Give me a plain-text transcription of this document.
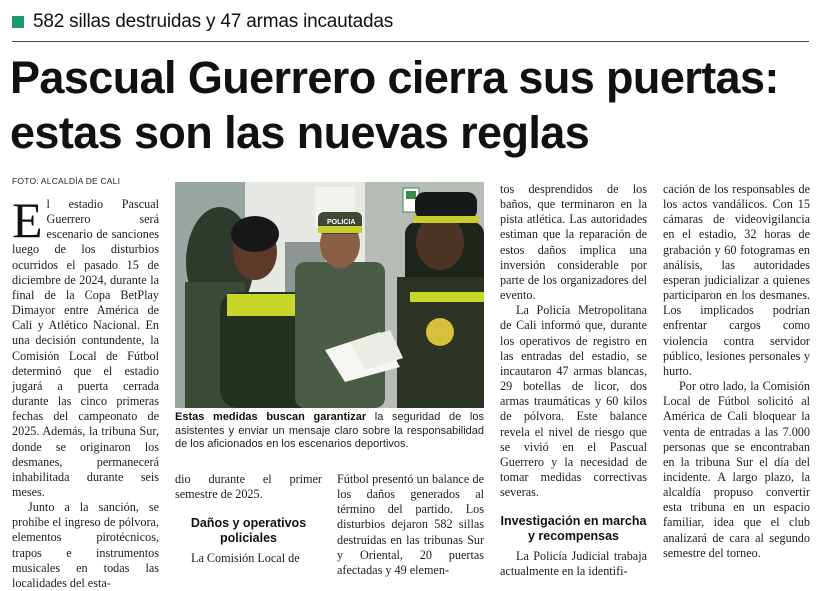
582 sillas destruidas y 47 armas incautadas
Pascual Guerrero cierra sus puertas:
estas son las nuevas reglas
FOTO: ALCALDÍA DE CALI

El estadio Pascual Guerrero será escenario de sanciones luego de los disturbios ocurridos el pasado 15 de diciembre de 2024, durante la final de la Copa BetPlay Dimayor entre América de Cali y Atlético Nacional. En una decisión contundente, la Comisión Local de Fútbol determinó que el estadio jugará a puerta cerrada durante las cinco primeras fechas del campeonato de 2025. Además, la tribuna Sur, donde se originaron los desmanes, permanecerá inhabilitada durante seis meses.

Junto a la sanción, se prohíbe el ingreso de pólvora, elementos pirotécnicos, trapos e instrumentos musicales en todas las localidades del esta-

POLICIA
Estas medidas buscan garantizar la seguridad de los asistentes y enviar un mensaje claro sobre la responsabilidad de los aficionados en los escenarios deportivos.

dio durante el primer semestre de 2025.

Daños y operativos policiales

La Comisión Local de

Fútbol presentó un balance de los daños generados al término del partido. Los disturbios dejaron 582 sillas destruidas en las tribunas Sur y Oriental, 20 puertas afectadas y 49 elemen-

tos desprendidos de los baños, que terminaron en la pista atlética. Las autoridades estiman que la reparación de estos daños implica una inversión considerable por parte de los organizadores del evento.

La Policía Metropolitana de Cali informó que, durante los operativos de registro en las entradas del estadio, se incautaron 47 armas blancas, 29 botellas de licor, dos armas traumáticas y 60 kilos de pólvora. Este balance revela el nivel de riesgo que se vivió en el Pascual Guerrero y la necesidad de tomar medidas correctivas severas.

Investigación en marcha y recompensas

La Policía Judicial trabaja actualmente en la identifi-

cación de los responsables de los actos vandálicos. Con 15 cámaras de videovigilancia en el estadio, 32 horas de grabación y 60 fotogramas en análisis, las autoridades esperan judicializar a quienes participaron en los desmanes. Los implicados podrían enfrentar cargos como violencia contra servidor público, lesiones personales y hurto.

Por otro lado, la Comisión Local de Fútbol solicitó al América de Cali bloquear la venta de entradas a las 7.000 personas que se encontraban en la tribuna Sur el día del incidente. A largo plazo, la alcaldía propuso convertir esta tribuna en un espacio familiar, idea que el club analizará de cara al segundo semestre del torneo.
